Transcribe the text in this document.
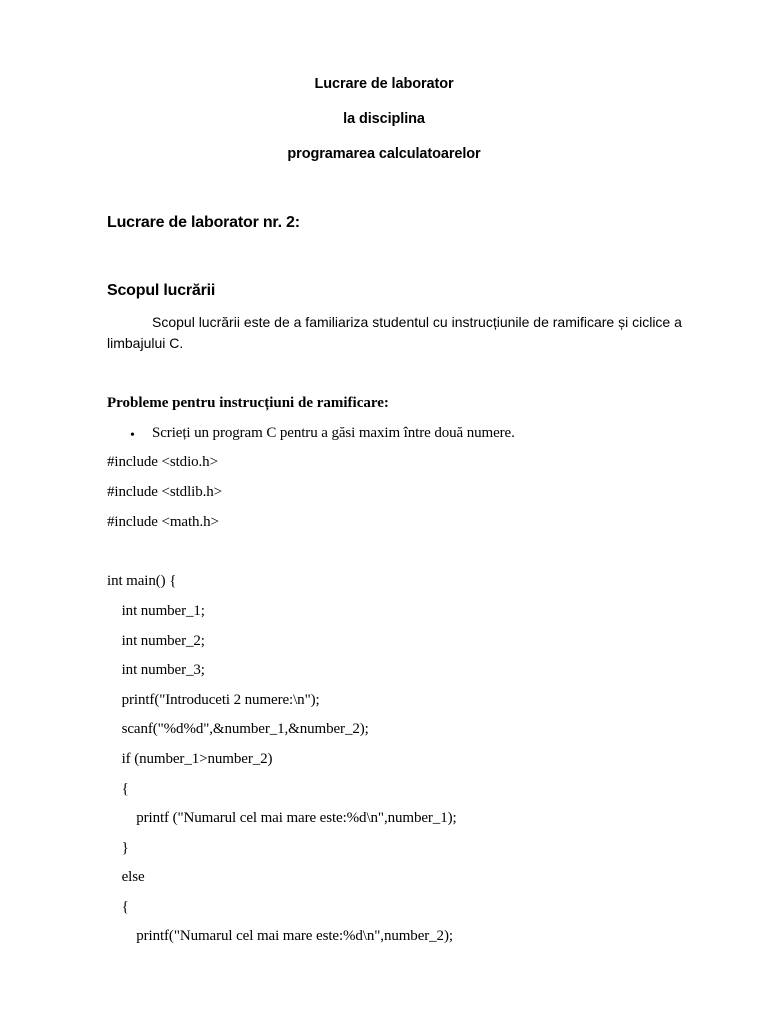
Lucrare de laborator
la disciplina
programarea calculatoarelor
Lucrare de laborator nr. 2:
Scopul lucrării
Scopul lucrării este de a familiariza studentul cu instrucțiunile de ramificare și ciclice a
limbajului C.
Probleme pentru instrucțiuni de ramificare:
• Scrieți un program C pentru a găsi maxim între două numere.
#include <stdio.h>
#include <stdlib.h>
#include <math.h>
int main() {
int number_1;
int number_2;
int number_3;
printf("Introduceti 2 numere:\n");
scanf("%d%d",&number_1,&number_2);
if (number_1>number_2)
{
printf ("Numarul cel mai mare este:%d\n",number_1);
}
else
{
printf("Numarul cel mai mare este:%d\n",number_2);
